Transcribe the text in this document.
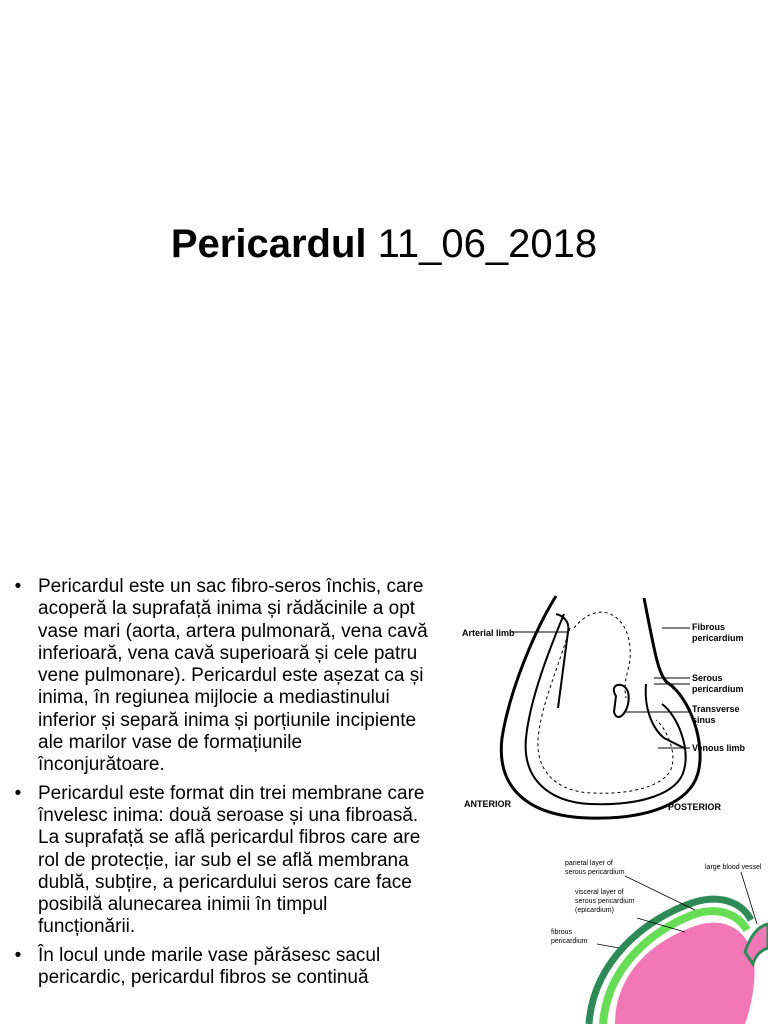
Pericardul 11_06_2018
• Pericardul este un sac fibro-seros închis, care acoperă la suprafață inima și rădăcinile a opt vase mari (aorta, artera pulmonară, vena cavă inferioară, vena cavă superioară și cele patru vene pulmonare). Pericardul este așezat ca și inima, în regiunea mijlocie a mediastinului inferior și separă inima și porțiunile incipiente ale marilor vase de formațiunile înconjurătoare.
• Pericardul este format din trei membrane care învelesc inima: două seroase și una fibroasă. La suprafață se află pericardul fibros care are rol de protecție, iar sub el se află membrana dublă, subțire, a pericardului seros care face posibilă alunecarea inimii în timpul funcționării.
• În locul unde marile vase părăsesc sacul pericardic, pericardul fibros se continuă
Arterial limb
Fibrous
pericardium
Serous
pericardium
Transverse
sinus
Venous limb
ANTERIOR	POSTERIOR
parietal layer of
serous pericardium
large blood vessel
visceral layer of
serous pericardium
(epicardium)
fibrous
pericardium
